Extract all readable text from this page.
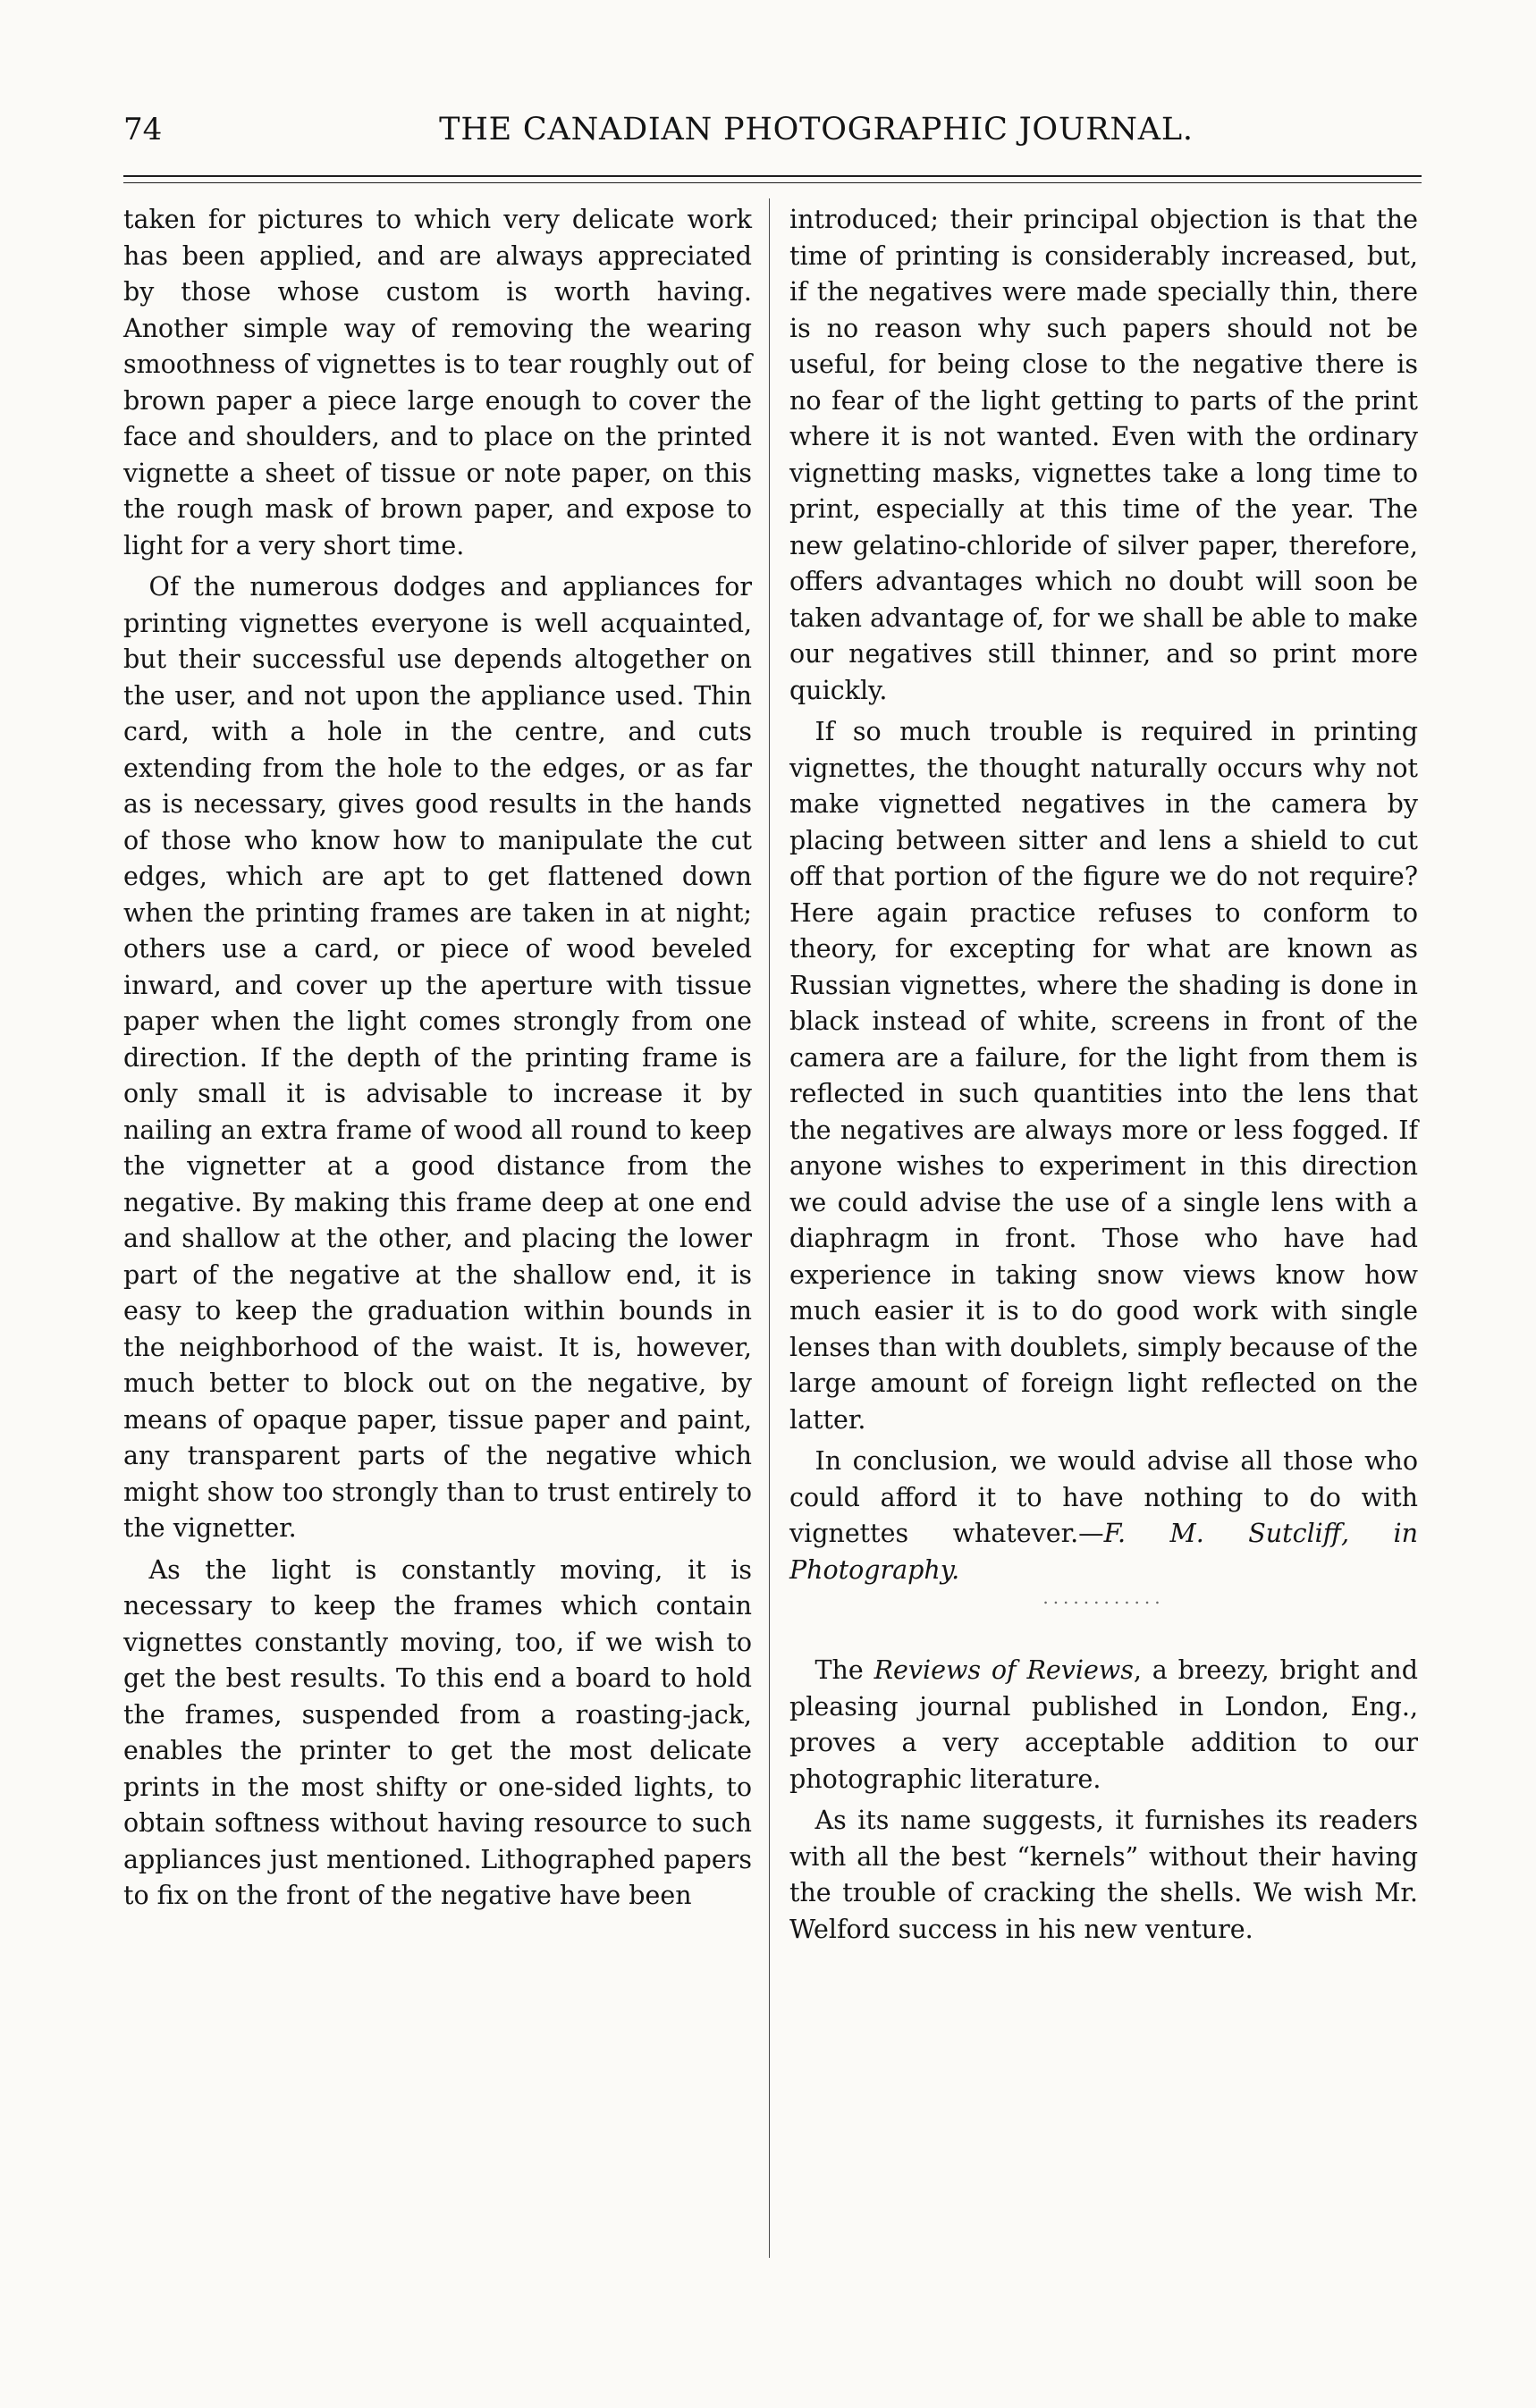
74	THE CANADIAN PHOTOGRAPHIC JOURNAL.

taken for pictures to which very delicate work has been applied, and are always appreciated by those whose custom is worth having. Another simple way of removing the wearing smoothness of vignettes is to tear roughly out of brown paper a piece large enough to cover the face and shoulders, and to place on the printed vignette a sheet of tissue or note paper, on this the rough mask of brown paper, and expose to light for a very short time.

Of the numerous dodges and appliances for printing vignettes everyone is well acquainted, but their successful use depends altogether on the user, and not upon the appliance used. Thin card, with a hole in the centre, and cuts extending from the hole to the edges, or as far as is necessary, gives good results in the hands of those who know how to manipulate the cut edges, which are apt to get flattened down when the printing frames are taken in at night; others use a card, or piece of wood beveled inward, and cover up the aperture with tissue paper when the light comes strongly from one direction. If the depth of the printing frame is only small it is advisable to increase it by nailing an extra frame of wood all round to keep the vignetter at a good distance from the negative. By making this frame deep at one end and shallow at the other, and placing the lower part of the negative at the shallow end, it is easy to keep the graduation within bounds in the neighborhood of the waist. It is, however, much better to block out on the negative, by means of opaque paper, tissue paper and paint, any transparent parts of the negative which might show too strongly than to trust entirely to the vignetter.

As the light is constantly moving, it is necessary to keep the frames which contain vignettes constantly moving, too, if we wish to get the best results. To this end a board to hold the frames, suspended from a roasting-jack, enables the printer to get the most delicate prints in the most shifty or one-sided lights, to obtain softness without having resource to such appliances just mentioned. Lithographed papers to fix on the front of the negative have been

introduced; their principal objection is that the time of printing is considerably increased, but, if the negatives were made specially thin, there is no reason why such papers should not be useful, for being close to the negative there is no fear of the light getting to parts of the print where it is not wanted. Even with the ordinary vignetting masks, vignettes take a long time to print, especially at this time of the year. The new gelatino-chloride of silver paper, therefore, offers advantages which no doubt will soon be taken advantage of, for we shall be able to make our negatives still thinner, and so print more quickly.

If so much trouble is required in printing vignettes, the thought naturally occurs why not make vignetted negatives in the camera by placing between sitter and lens a shield to cut off that portion of the figure we do not require? Here again practice refuses to conform to theory, for excepting for what are known as Russian vignettes, where the shading is done in black instead of white, screens in front of the camera are a failure, for the light from them is reflected in such quantities into the lens that the negatives are always more or less fogged. If anyone wishes to experiment in this direction we could advise the use of a single lens with a diaphragm in front. Those who have had experience in taking snow views know how much easier it is to do good work with single lenses than with doublets, simply because of the large amount of foreign light reflected on the latter.

In conclusion, we would advise all those who could afford it to have nothing to do with vignettes whatever.—F. M. Sutcliff, in Photography.

............

The Reviews of Reviews, a breezy, bright and pleasing journal published in London, Eng., proves a very acceptable addition to our photographic literature.

As its name suggests, it furnishes its readers with all the best “kernels” without their having the trouble of cracking the shells. We wish Mr. Welford success in his new venture.
